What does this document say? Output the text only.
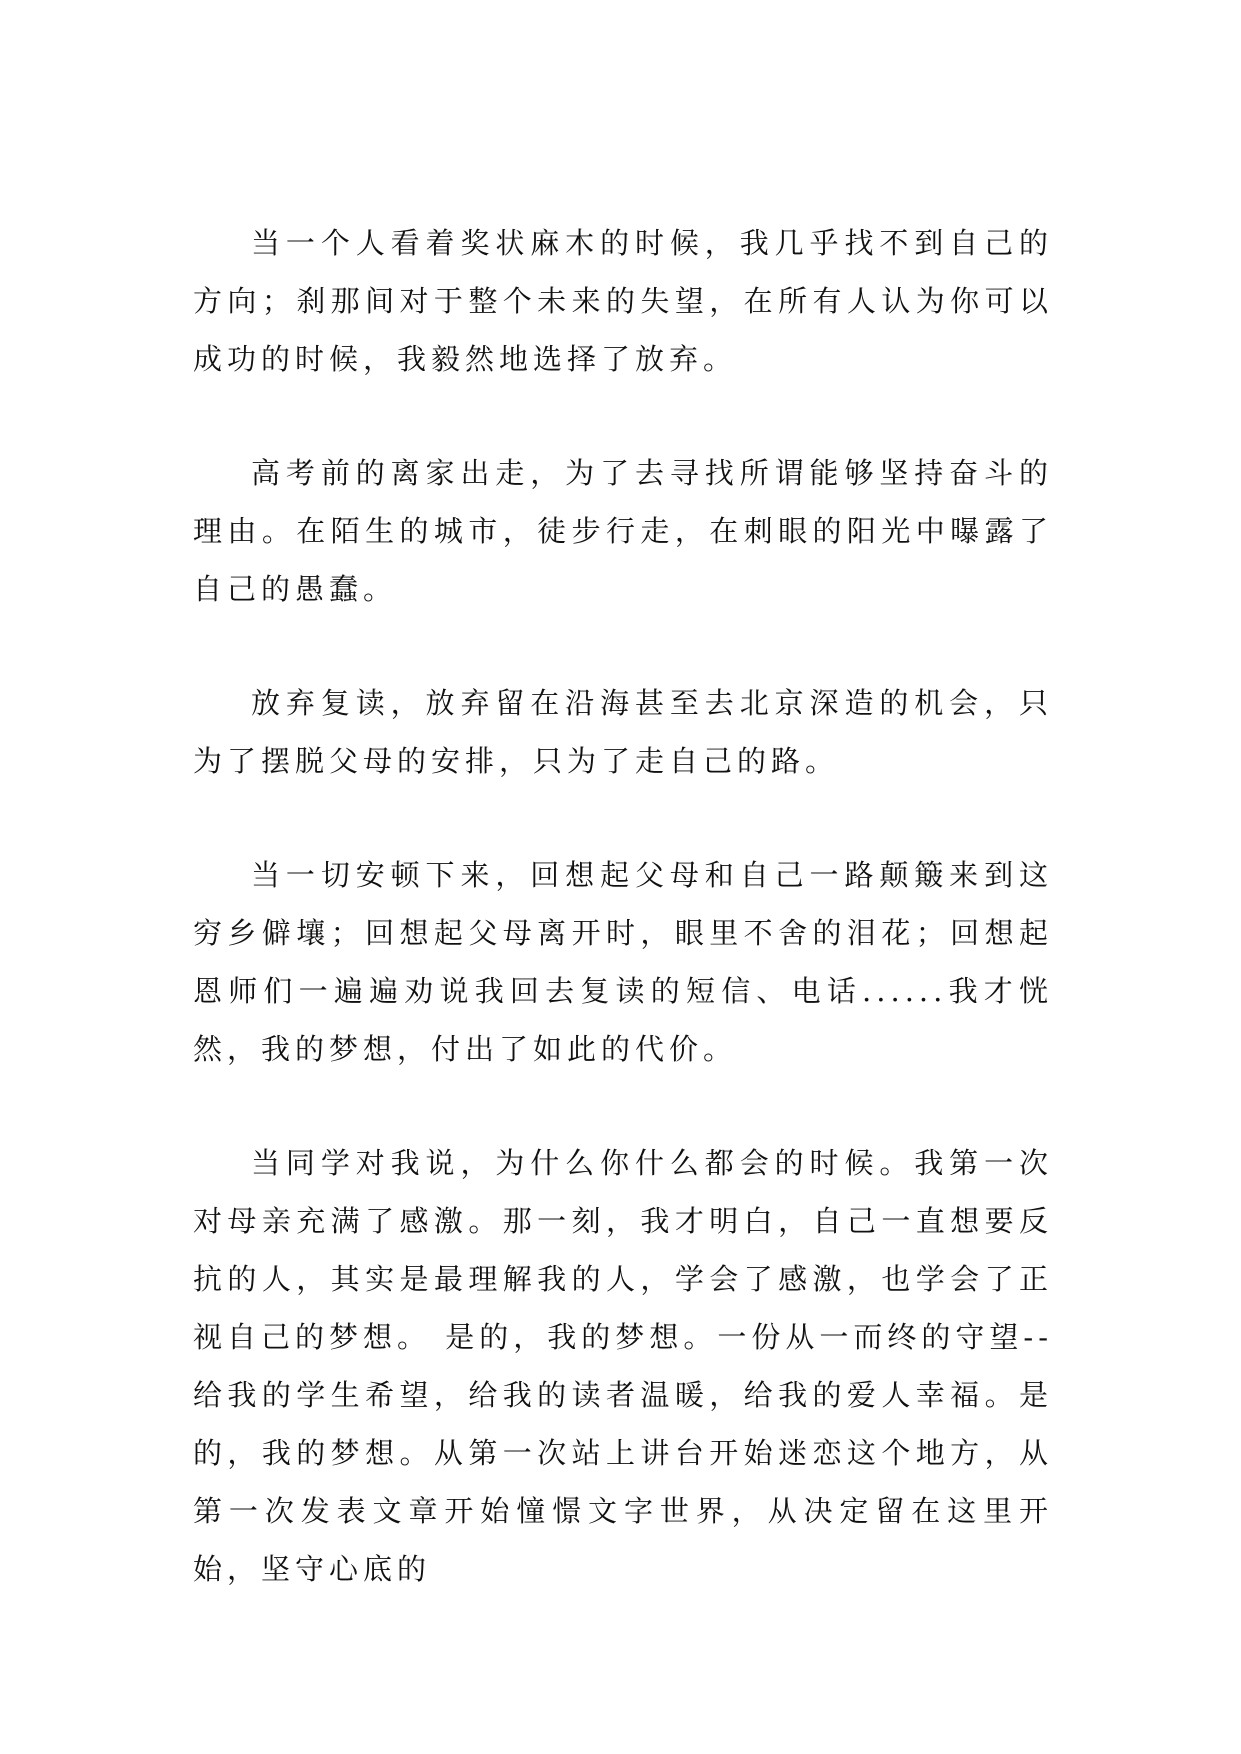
当一个人看着奖状麻木的时候，我几乎找不到自己的方向；刹那间对于整个未来的失望，在所有人认为你可以成功的时候，我毅然地选择了放弃。

高考前的离家出走，为了去寻找所谓能够坚持奋斗的理由。在陌生的城市，徒步行走，在刺眼的阳光中曝露了自己的愚蠢。

放弃复读，放弃留在沿海甚至去北京深造的机会，只为了摆脱父母的安排，只为了走自己的路。

当一切安顿下来，回想起父母和自己一路颠簸来到这穷乡僻壤；回想起父母离开时，眼里不舍的泪花；回想起恩师们一遍遍劝说我回去复读的短信、电话......我才恍然，我的梦想，付出了如此的代价。

当同学对我说，为什么你什么都会的时候。我第一次对母亲充满了感激。那一刻，我才明白，自己一直想要反抗的人，其实是最理解我的人，学会了感激，也学会了正视自己的梦想。 是的，我的梦想。一份从一而终的守望--给我的学生希望，给我的读者温暖，给我的爱人幸福。是的，我的梦想。从第一次站上讲台开始迷恋这个地方，从第一次发表文章开始憧憬文字世界，从决定留在这里开始，坚守心底的
